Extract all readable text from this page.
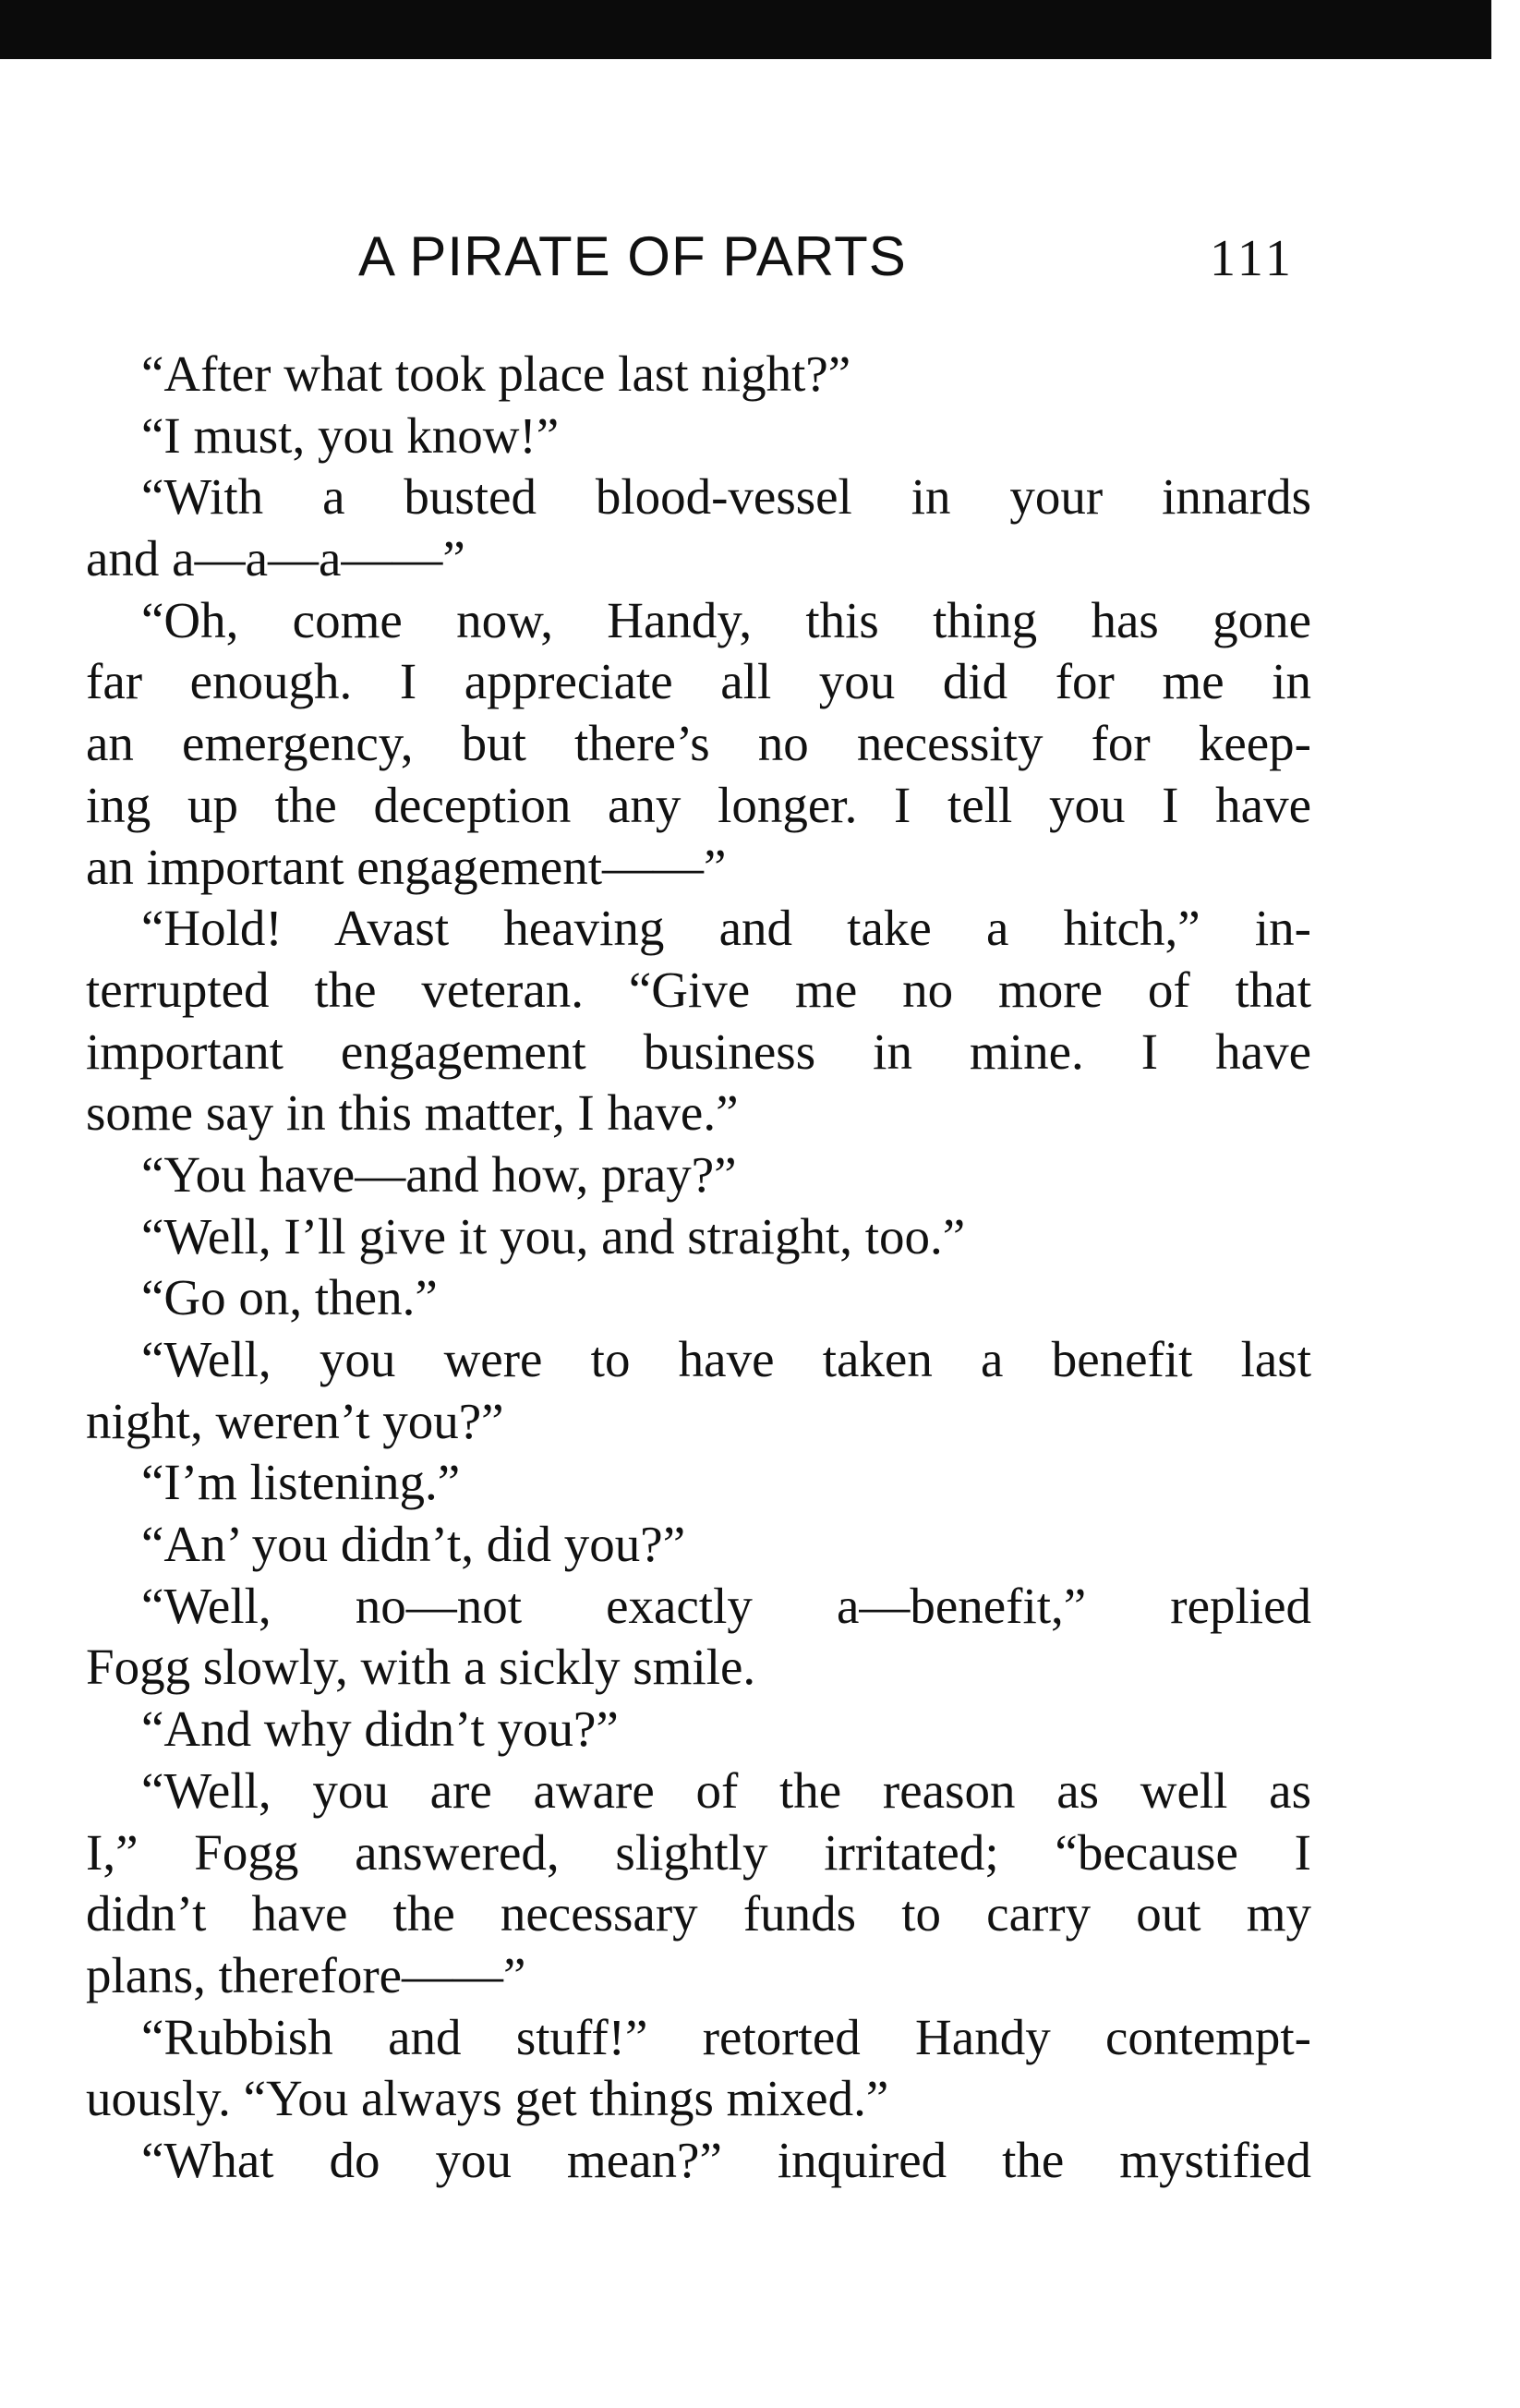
A PIRATE OF PARTS	111
“After what took place last night?”
“I must, you know!”
“With a busted blood-vessel in your innards
and a—a—a——”
“Oh, come now, Handy, this thing has gone
far enough. I appreciate all you did for me in
an emergency, but there’s no necessity for keep-
ing up the deception any longer. I tell you I have
an important engagement——”
“Hold! Avast heaving and take a hitch,” in-
terrupted the veteran. “Give me no more of that
important engagement business in mine. I have
some say in this matter, I have.”
“You have—and how, pray?”
“Well, I’ll give it you, and straight, too.”
“Go on, then.”
“Well, you were to have taken a benefit last
night, weren’t you?”
“I’m listening.”
“An’ you didn’t, did you?”
“Well, no—not exactly a—benefit,” replied
Fogg slowly, with a sickly smile.
“And why didn’t you?”
“Well, you are aware of the reason as well as
I,” Fogg answered, slightly irritated; “because I
didn’t have the necessary funds to carry out my
plans, therefore——”
“Rubbish and stuff!” retorted Handy contempt-
uously. “You always get things mixed.”
“What do you mean?” inquired the mystified
